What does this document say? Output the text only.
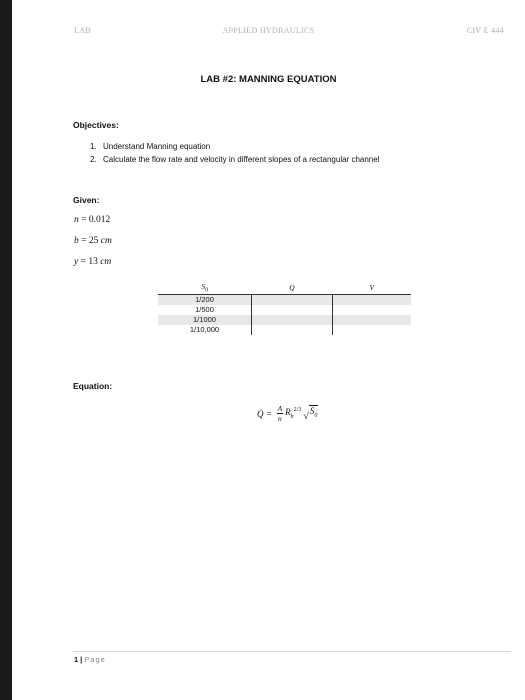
LAB	APPLIED HYDRAULICS	CIV E 444
LAB #2: MANNING EQUATION
Objectives:
1. Understand Manning equation
2. Calculate the flow rate and velocity in different slopes of a rectangular channel
Given:
n = 0.012
b = 25 cm
y = 13 cm
$S_0$	Q	V
1/200		
1/500		
1/1000		
1/10,000		
Equation:
$Q = \frac{A}{n} R_h^{2/3}$
√ $S_0$
1 | Page
